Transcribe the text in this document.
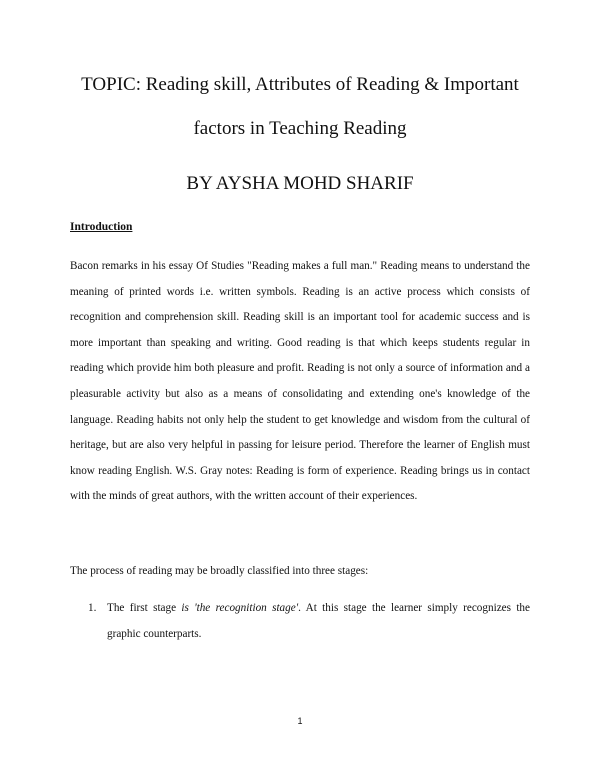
TOPIC: Reading skill, Attributes of Reading & Important
factors in Teaching Reading
BY AYSHA MOHD SHARIF
Introduction

Bacon remarks in his essay Of Studies "Reading makes a full man." Reading means to understand the meaning of printed words i.e. written symbols. Reading is an active process which consists of recognition and comprehension skill. Reading skill is an important tool for academic success and is more important than speaking and writing. Good reading is that which keeps students regular in reading which provide him both pleasure and profit. Reading is not only a source of information and a pleasurable activity but also as a means of consolidating and extending one's knowledge of the language. Reading habits not only help the student to get knowledge and wisdom from the cultural of heritage, but are also very helpful in passing for leisure period. Therefore the learner of English must know reading English. W.S. Gray notes: Reading is form of experience. Reading brings us in contact with the minds of great authors, with the written account of their experiences.

The process of reading may be broadly classified into three stages:

1. The first stage is 'the recognition stage'. At this stage the learner simply recognizes the graphic counterparts.
1
